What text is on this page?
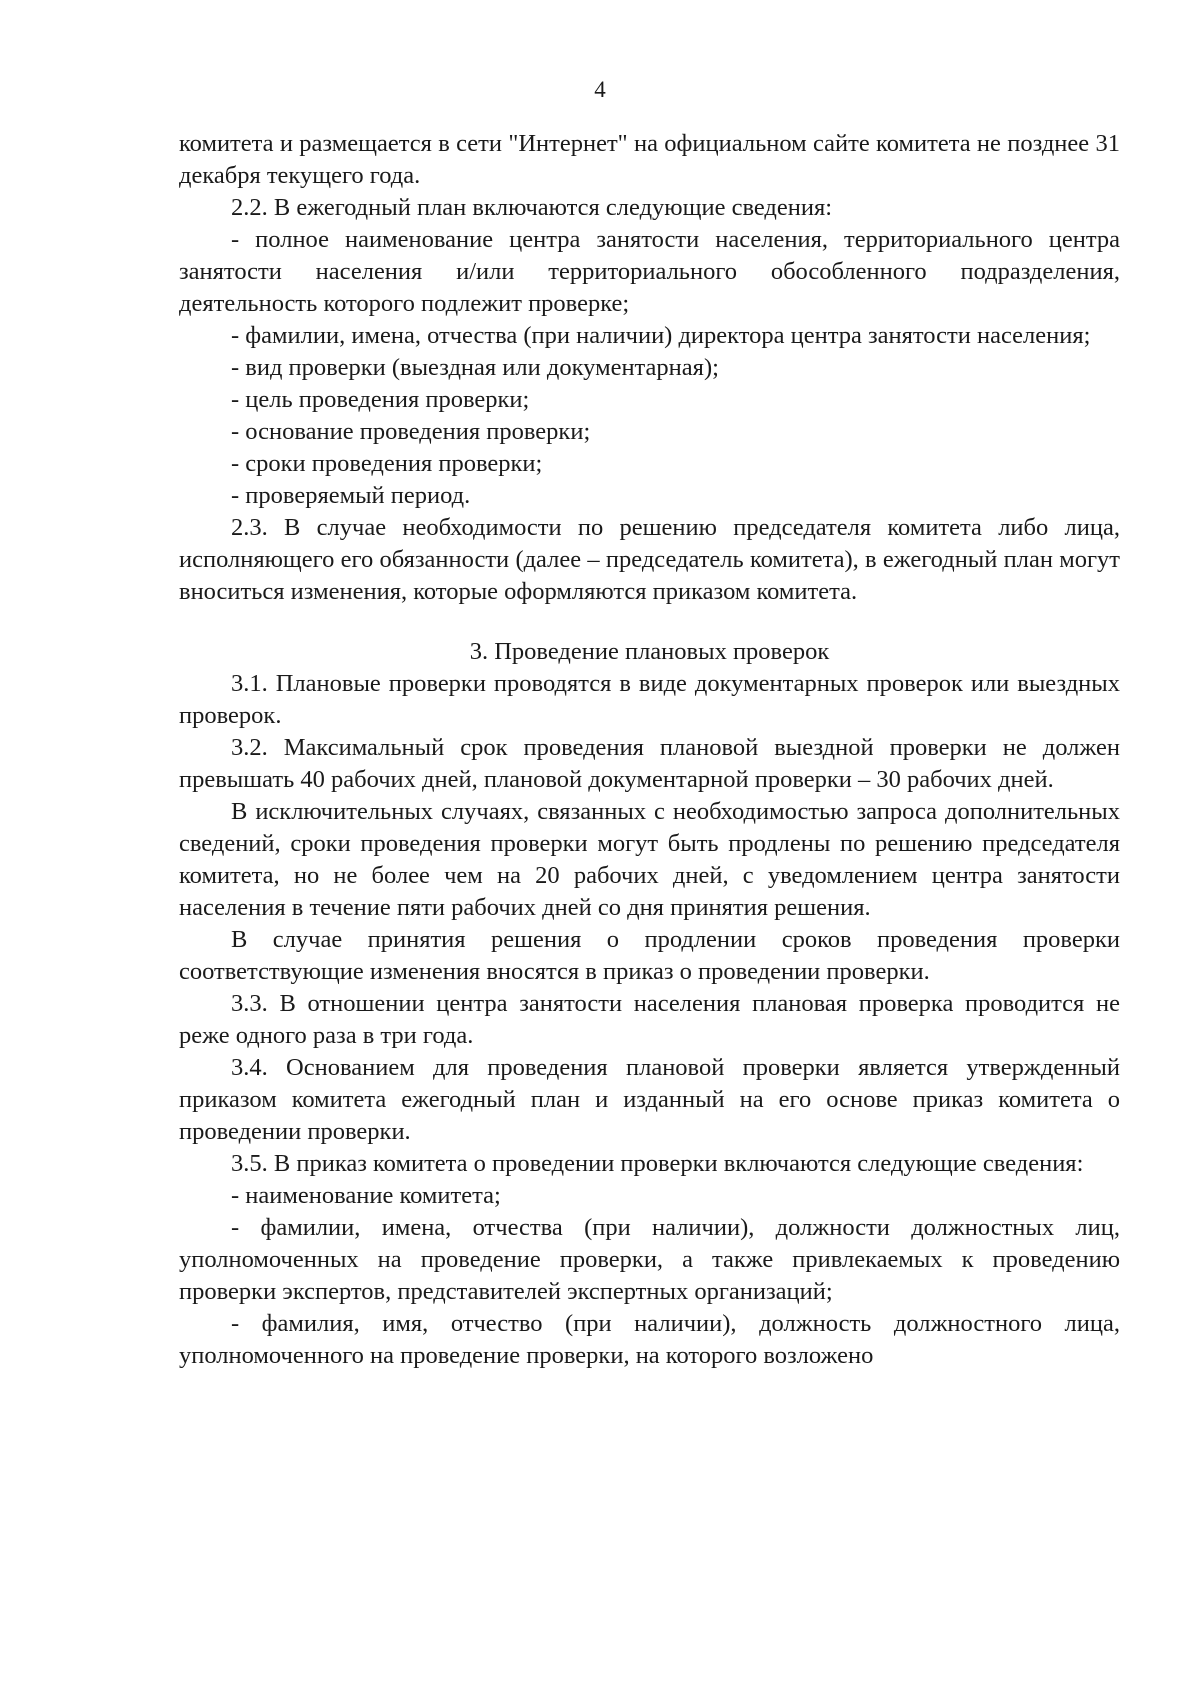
4

комитета и размещается в сети "Интернет" на официальном сайте комитета не позднее 31 декабря текущего года.

2.2. В ежегодный план включаются следующие сведения:

- полное наименование центра занятости населения, территориального центра занятости населения и/или территориального обособленного подразделения, деятельность которого подлежит проверке;

- фамилии, имена, отчества (при наличии) директора центра занятости населения;

- вид проверки (выездная или документарная);

- цель проведения проверки;

- основание проведения проверки;

- сроки проведения проверки;

- проверяемый период.

2.3. В случае необходимости по решению председателя комитета либо лица, исполняющего его обязанности (далее – председатель комитета), в ежегодный план могут вноситься изменения, которые оформляются приказом комитета.

3. Проведение плановых проверок

3.1. Плановые проверки проводятся в виде документарных проверок или выездных проверок.

3.2. Максимальный срок проведения плановой выездной проверки не должен превышать 40 рабочих дней, плановой документарной проверки – 30 рабочих дней.

В исключительных случаях, связанных с необходимостью запроса дополнительных сведений, сроки проведения проверки могут быть продлены по решению председателя комитета, но не более чем на 20 рабочих дней, с уведомлением центра занятости населения в течение пяти рабочих дней со дня принятия решения.

В случае принятия решения о продлении сроков проведения проверки соответствующие изменения вносятся в приказ о проведении проверки.

3.3. В отношении центра занятости населения плановая проверка проводится не реже одного раза в три года.

3.4. Основанием для проведения плановой проверки является утвержденный приказом комитета ежегодный план и изданный на его основе приказ комитета о проведении проверки.

3.5. В приказ комитета о проведении проверки включаются следующие сведения:

- наименование комитета;

- фамилии, имена, отчества (при наличии), должности должностных лиц, уполномоченных на проведение проверки, а также привлекаемых к проведению проверки экспертов, представителей экспертных организаций;

- фамилия, имя, отчество (при наличии), должность должностного лица, уполномоченного на проведение проверки, на которого возложено
